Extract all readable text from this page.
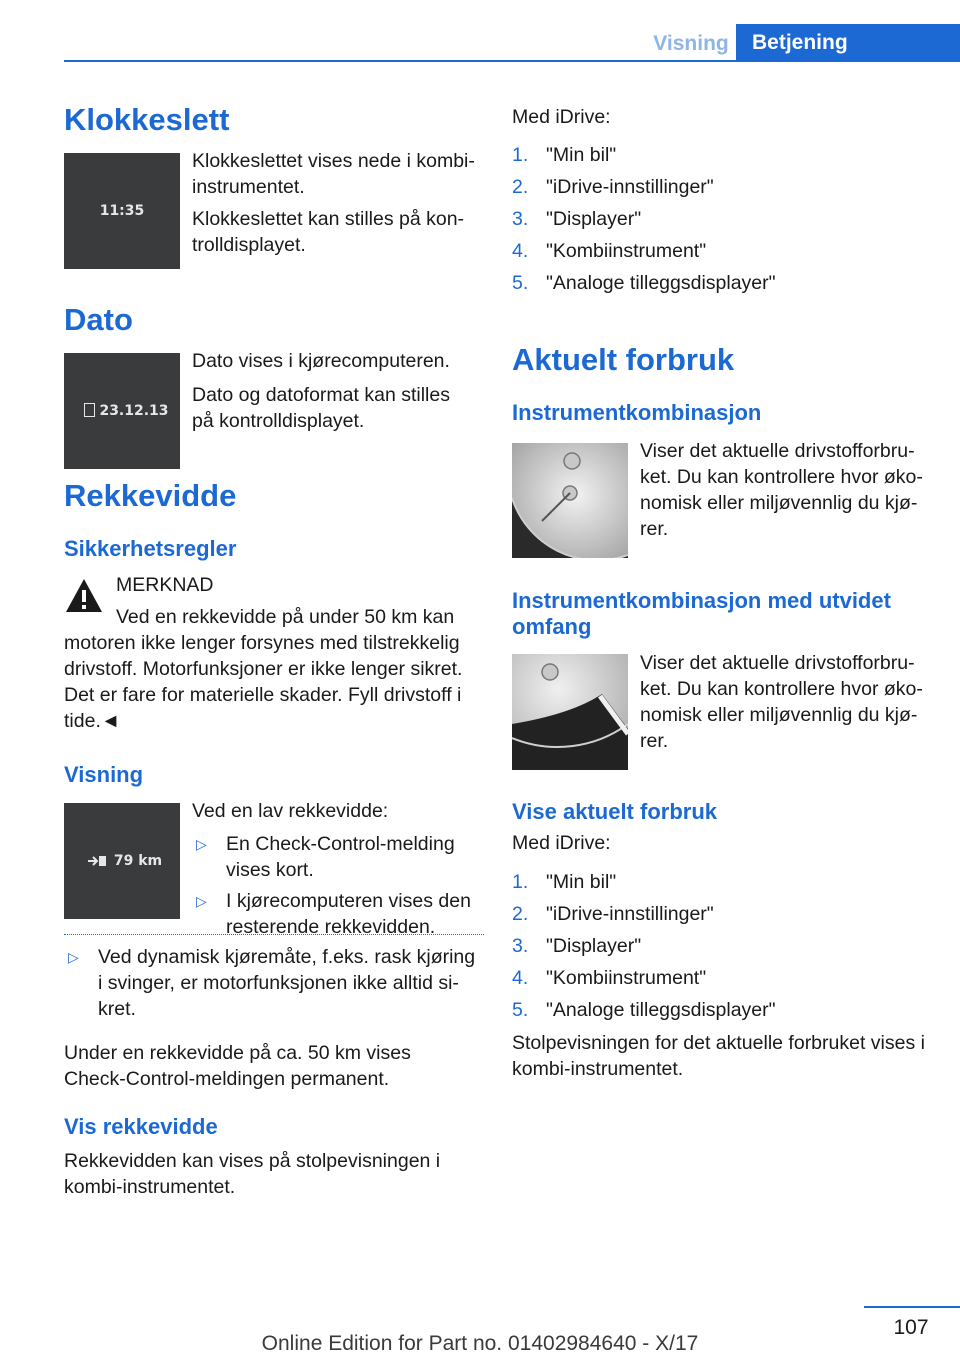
Visning	Betjening
Klokkeslett
11:35
Klokkeslettet vises nede i kombi-instrumentet.
Klokkeslettet kan stilles på kon-trolldisplayet.
Dato
23.12.13
Dato vises i kjørecomputeren.
Dato og datoformat kan stilles på kontrolldisplayet.
Rekkevidde
Sikkerhetsregler
MERKNAD
Ved en rekkevidde på under 50 km kan motoren ikke lenger forsynes med tilstrekkelig drivstoff. Motorfunksjoner er ikke lenger sikret. Det er fare for materielle skader. Fyll drivstoff i tide.◄
Visning
79 km
Ved en lav rekkevidde:
▷ En Check-Control-melding vises kort.
▷ I kjørecomputeren vises den resterende rekkevidden.
▷ Ved dynamisk kjøremåte, f.eks. rask kjøring i svinger, er motorfunksjonen ikke alltid si-kret.
Under en rekkevidde på ca. 50 km vises Check-Control-meldingen permanent.
Vis rekkevidde
Rekkevidden kan vises på stolpevisningen i kombi-instrumentet.
Med iDrive:
1. "Min bil"
2. "iDrive-innstillinger"
3. "Displayer"
4. "Kombiinstrument"
5. "Analoge tilleggsdisplayer"
Aktuelt forbruk
Instrumentkombinasjon
Viser det aktuelle drivstofforbru-ket. Du kan kontrollere hvor øko-nomisk eller miljøvennlig du kjø-rer.
Instrumentkombinasjon med utvidet omfang
Viser det aktuelle drivstofforbru-ket. Du kan kontrollere hvor øko-nomisk eller miljøvennlig du kjø-rer.
Vise aktuelt forbruk
Med iDrive:
1. "Min bil"
2. "iDrive-innstillinger"
3. "Displayer"
4. "Kombiinstrument"
5. "Analoge tilleggsdisplayer"
Stolpevisningen for det aktuelle forbruket vises i kombi-instrumentet.
107
Online Edition for Part no. 01402984640 - X/17
